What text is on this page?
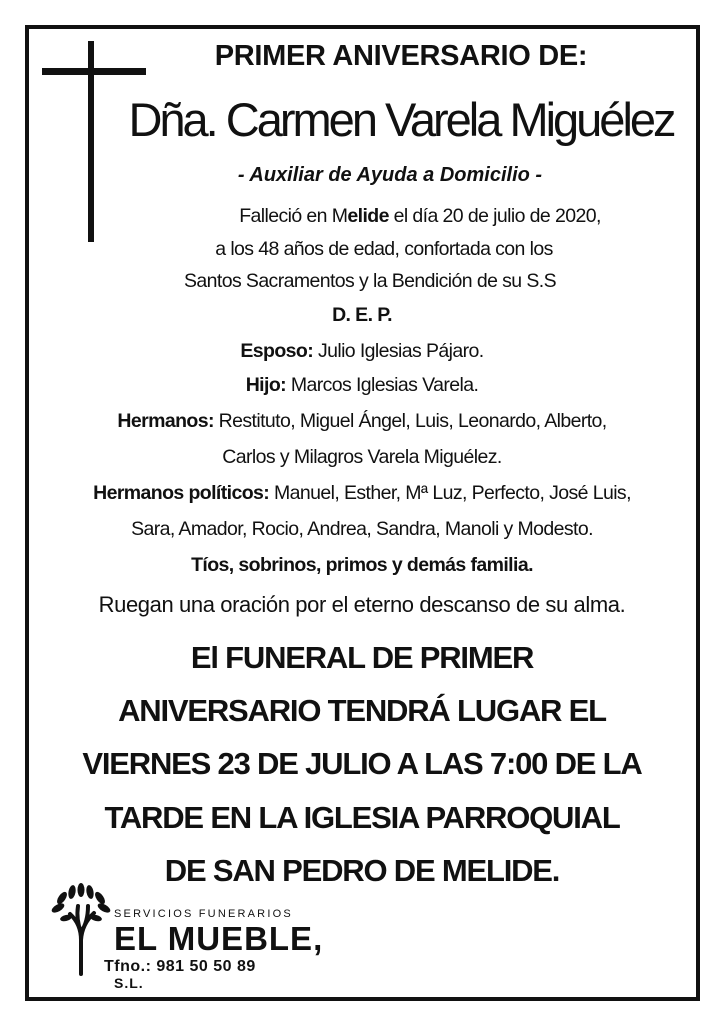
PRIMER ANIVERSARIO DE:
Dña. Carmen Varela Miguélez
- Auxiliar de Ayuda a Domicilio -
Falleció en Melide el día 20 de julio de 2020,
a los 48 años de edad, confortada con los
Santos Sacramentos y la Bendición de su S.S
D. E. P.
Esposo: Julio Iglesias Pájaro.
Hijo: Marcos Iglesias Varela.
Hermanos: Restituto, Miguel Ángel, Luis, Leonardo, Alberto,
Carlos y Milagros Varela Miguélez.
Hermanos políticos: Manuel, Esther, Mª Luz, Perfecto, José Luis,
Sara, Amador, Rocio, Andrea, Sandra, Manoli y Modesto.
Tíos, sobrinos, primos y demás familia.
Ruegan una oración por el eterno descanso de su alma.
El FUNERAL DE PRIMER
ANIVERSARIO TENDRÁ LUGAR EL
VIERNES 23 DE JULIO A LAS 7:00 DE LA
TARDE EN LA IGLESIA PARROQUIAL
DE SAN PEDRO DE MELIDE.
SERVICIOS FUNERARIOS
EL MUEBLE, S.L.
Tfno.: 981 50 50 89
